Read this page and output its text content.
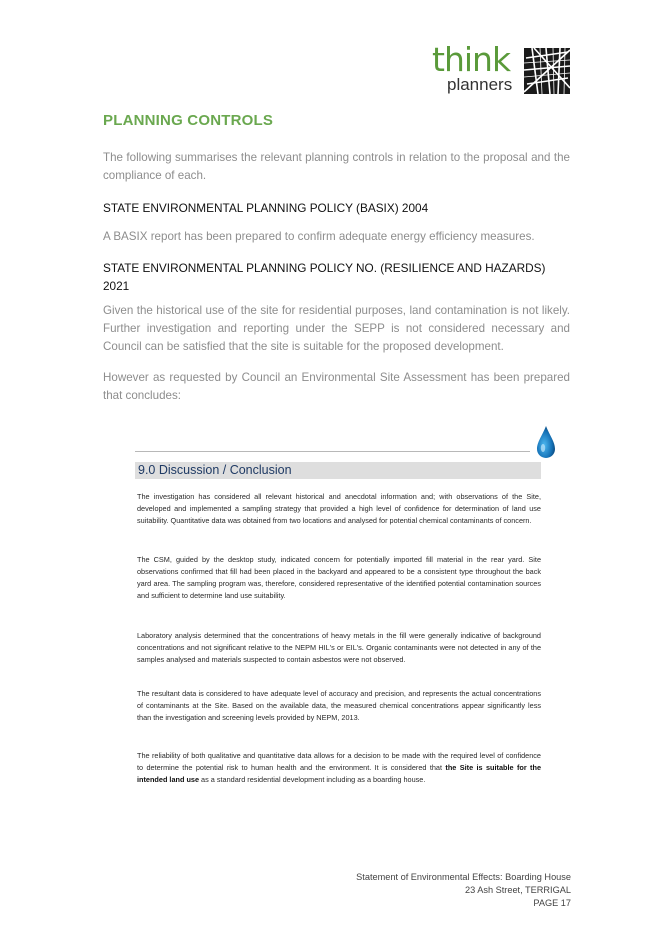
think
planners
PLANNING CONTROLS

The following summarises the relevant planning controls in relation to the proposal and the compliance of each.

STATE ENVIRONMENTAL PLANNING POLICY (BASIX) 2004

A BASIX report has been prepared to confirm adequate energy efficiency measures.

STATE ENVIRONMENTAL PLANNING POLICY NO. (RESILIENCE AND HAZARDS) 2021

Given the historical use of the site for residential purposes, land contamination is not likely. Further investigation and reporting under the SEPP is not considered necessary and Council can be satisfied that the site is suitable for the proposed development.

However as requested by Council an Environmental Site Assessment has been prepared that concludes:

9.0 Discussion / Conclusion

The investigation has considered all relevant historical and anecdotal information and; with observations of the Site, developed and implemented a sampling strategy that provided a high level of confidence for determination of land use suitability. Quantitative data was obtained from two locations and analysed for potential chemical contaminants of concern.

The CSM, guided by the desktop study, indicated concern for potentially imported fill material in the rear yard. Site observations confirmed that fill had been placed in the backyard and appeared to be a consistent type throughout the back yard area. The sampling program was, therefore, considered representative of the identified potential contamination sources and sufficient to determine land use suitability.

Laboratory analysis determined that the concentrations of heavy metals in the fill were generally indicative of background concentrations and not significant relative to the NEPM HIL's or EIL's. Organic contaminants were not detected in any of the samples analysed and materials suspected to contain asbestos were not observed.

The resultant data is considered to have adequate level of accuracy and precision, and represents the actual concentrations of contaminants at the Site. Based on the available data, the measured chemical concentrations appear significantly less than the investigation and screening levels provided by NEPM, 2013.

The reliability of both qualitative and quantitative data allows for a decision to be made with the required level of confidence to determine the potential risk to human health and the environment. It is considered that the Site is suitable for the intended land use as a standard residential development including as a boarding house.

Statement of Environmental Effects: Boarding House

23 Ash Street, TERRIGAL

PAGE 17
